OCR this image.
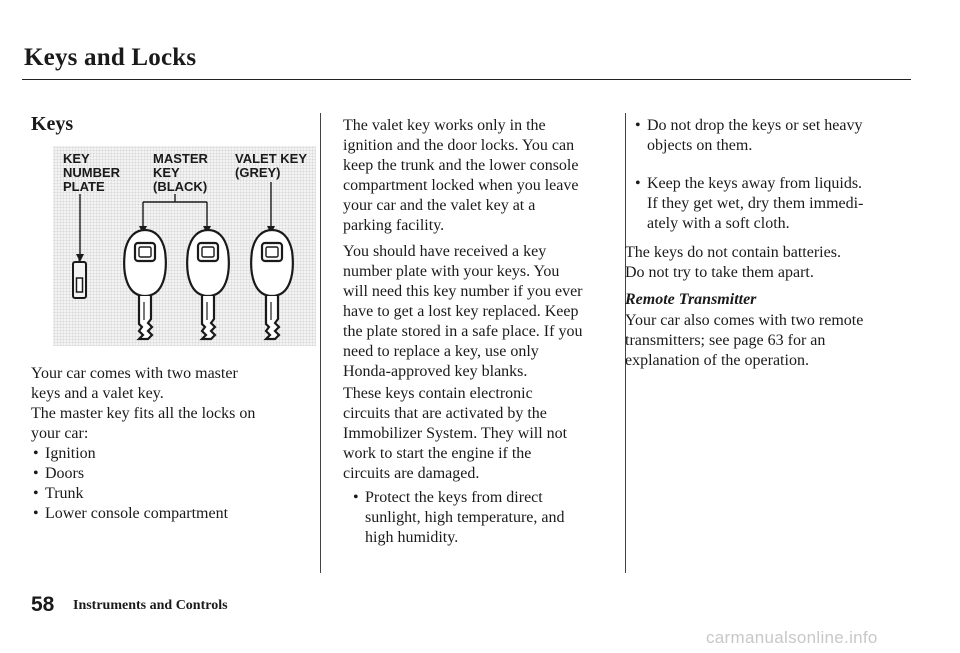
Keys and Locks
Keys
KEY
NUMBER
PLATE
MASTER
KEY
(BLACK)
VALET KEY
(GREY)
Your car comes with two master
keys and a valet key.
The master key fits all the locks on
your car:
• Ignition
• Doors
• Trunk
• Lower console compartment
The valet key works only in the
ignition and the door locks. You can
keep the trunk and the lower console
compartment locked when you leave
your car and the valet key at a
parking facility.
You should have received a key
number plate with your keys. You
will need this key number if you ever
have to get a lost key replaced. Keep
the plate stored in a safe place. If you
need to replace a key, use only
Honda-approved key blanks.
These keys contain electronic
circuits that are activated by the
Immobilizer System. They will not
work to start the engine if the
circuits are damaged.
• Protect the keys from direct
sunlight, high temperature, and
high humidity.
• Do not drop the keys or set heavy
objects on them.
• Keep the keys away from liquids.
If they get wet, dry them immedi-
ately with a soft cloth.
The keys do not contain batteries.
Do not try to take them apart.
Remote Transmitter
Your car also comes with two remote
transmitters; see page 63 for an
explanation of the operation.
58 Instruments and Controls
carmanualsonline.info
